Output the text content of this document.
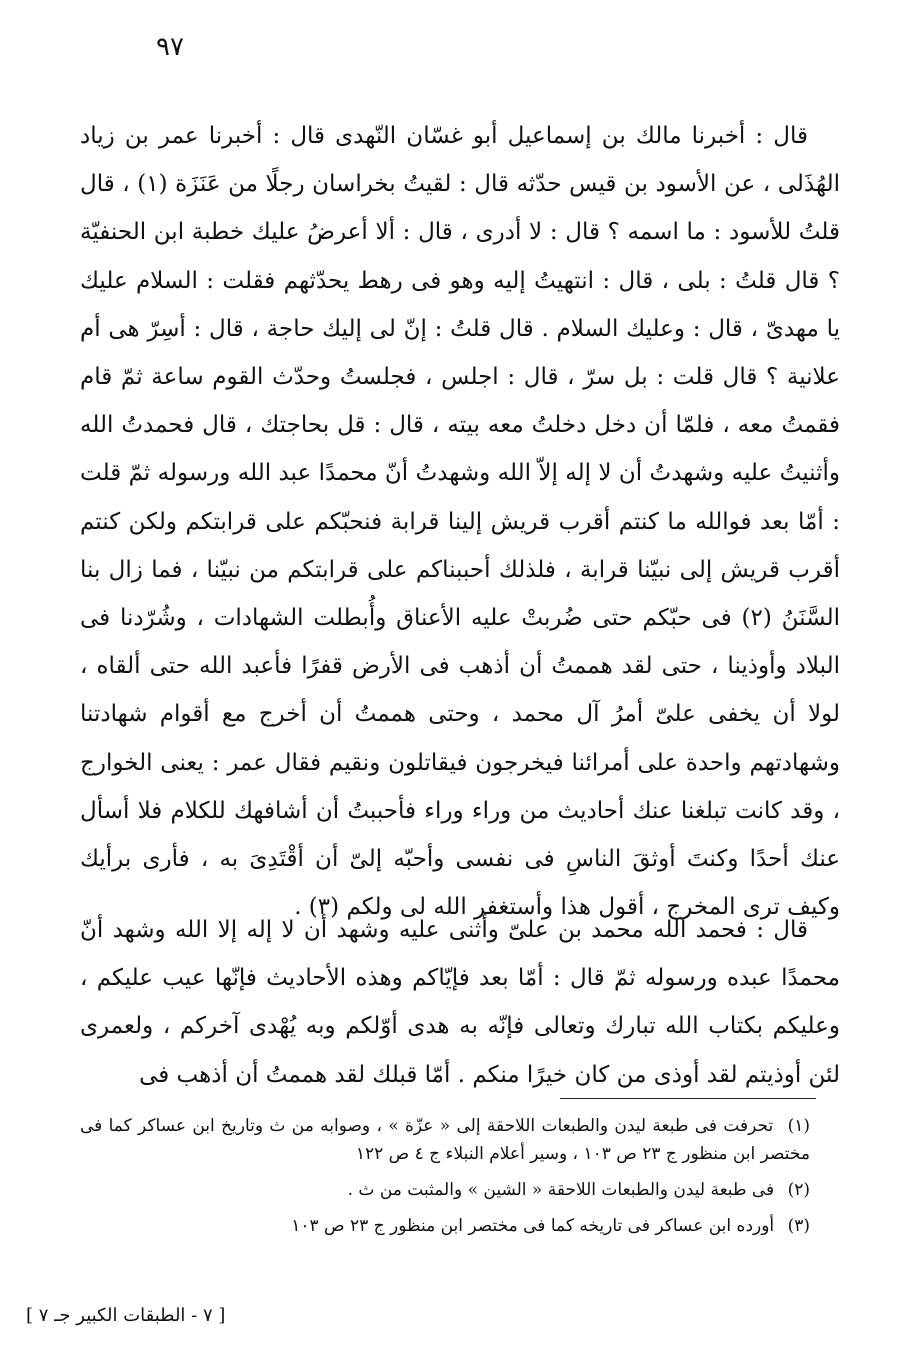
٩٧

قال : أخبرنا مالك بن إسماعيل أبو غسّان النّهدى قال : أخبرنا عمر بن زياد الهُذَلى ، عن الأسود بن قيس حدّثه قال : لقيتُ بخراسان رجلًا من عَنَزَة (١) ، قال قلتُ للأسود : ما اسمه ؟ قال : لا أدرى ، قال : ألا أعرضُ عليك خطبة ابن الحنفيّة ؟ قال قلتُ : بلى ، قال : انتهيتُ إليه وهو فى رهط يحدّثهم فقلت : السلام عليك يا مهدىّ ، قال : وعليك السلام . قال قلتُ : إنّ لى إليك حاجة ، قال : أسِرّ هى أم علانية ؟ قال قلت : بل سرّ ، قال : اجلس ، فجلستُ وحدّث القوم ساعة ثمّ قام فقمتُ معه ، فلمّا أن دخل دخلتُ معه بيته ، قال : قل بحاجتك ، قال فحمدتُ الله وأثنيتُ عليه وشهدتُ أن لا إله إلاّ الله وشهدتُ أنّ محمدًا عبد الله ورسوله ثمّ قلت : أمّا بعد فوالله ما كنتم أقرب قريش إلينا قرابة فنحبّكم على قرابتكم ولكن كنتم أقرب قريش إلى نبيّنا قرابة ، فلذلك أحببناكم على قرابتكم من نبيّنا ، فما زال بنا السَّنَنُ (٢) فى حبّكم حتى ضُربتْ عليه الأعناق وأُبطلت الشهادات ، وشُرّدنا فى البلاد وأوذينا ، حتى لقد هممتُ أن أذهب فى الأرض قفرًا فأعبد الله حتى ألقاه ، لولا أن يخفى علىّ أمرُ آل محمد ، وحتى هممتُ أن أخرج مع أقوام شهادتنا وشهادتهم واحدة على أمرائنا فيخرجون فيقاتلون ونقيم فقال عمر : يعنى الخوارج ، وقد كانت تبلغنا عنك أحاديث من وراء وراء فأحببتُ أن أشافهك للكلام فلا أسأل عنك أحدًا وكنتَ أوثقَ الناسِ فى نفسى وأحبّه إلىّ أن أقْتَدِىَ به ، فأرى برأيك وكيف ترى المخرج ، أقول هذا وأستغفر الله لى ولكم (٣) .

قال : فحمد الله محمد بن علىّ وأثنى عليه وشهد أن لا إله إلا الله وشهد أنّ محمدًا عبده ورسوله ثمّ قال : أمّا بعد فإيّاكم وهذه الأحاديث فإنّها عيب عليكم ، وعليكم بكتاب الله تبارك وتعالى فإنّه به هدى أوّلكم وبه يُهْدى آخركم ، ولعمرى لئن أوذيتم لقد أوذى من كان خيرًا منكم . أمّا قبلك لقد هممتُ أن أذهب فى

(١) تحرفت فى طبعة ليدن والطبعات اللاحقة إلى « عزّة » ، وصوابه من ث وتاريخ ابن عساكر كما فى مختصر ابن منظور ج ٢٣ ص ١٠٣ ، وسير أعلام النبلاء ج ٤ ص ١٢٢

(٢) فى طبعة ليدن والطبعات اللاحقة « الشين » والمثبت من ث .

(٣) أورده ابن عساكر فى تاريخه كما فى مختصر ابن منظور ج ٢٣ ص ١٠٣

[ ٧ - الطبقات الكبير جـ ٧ ]
